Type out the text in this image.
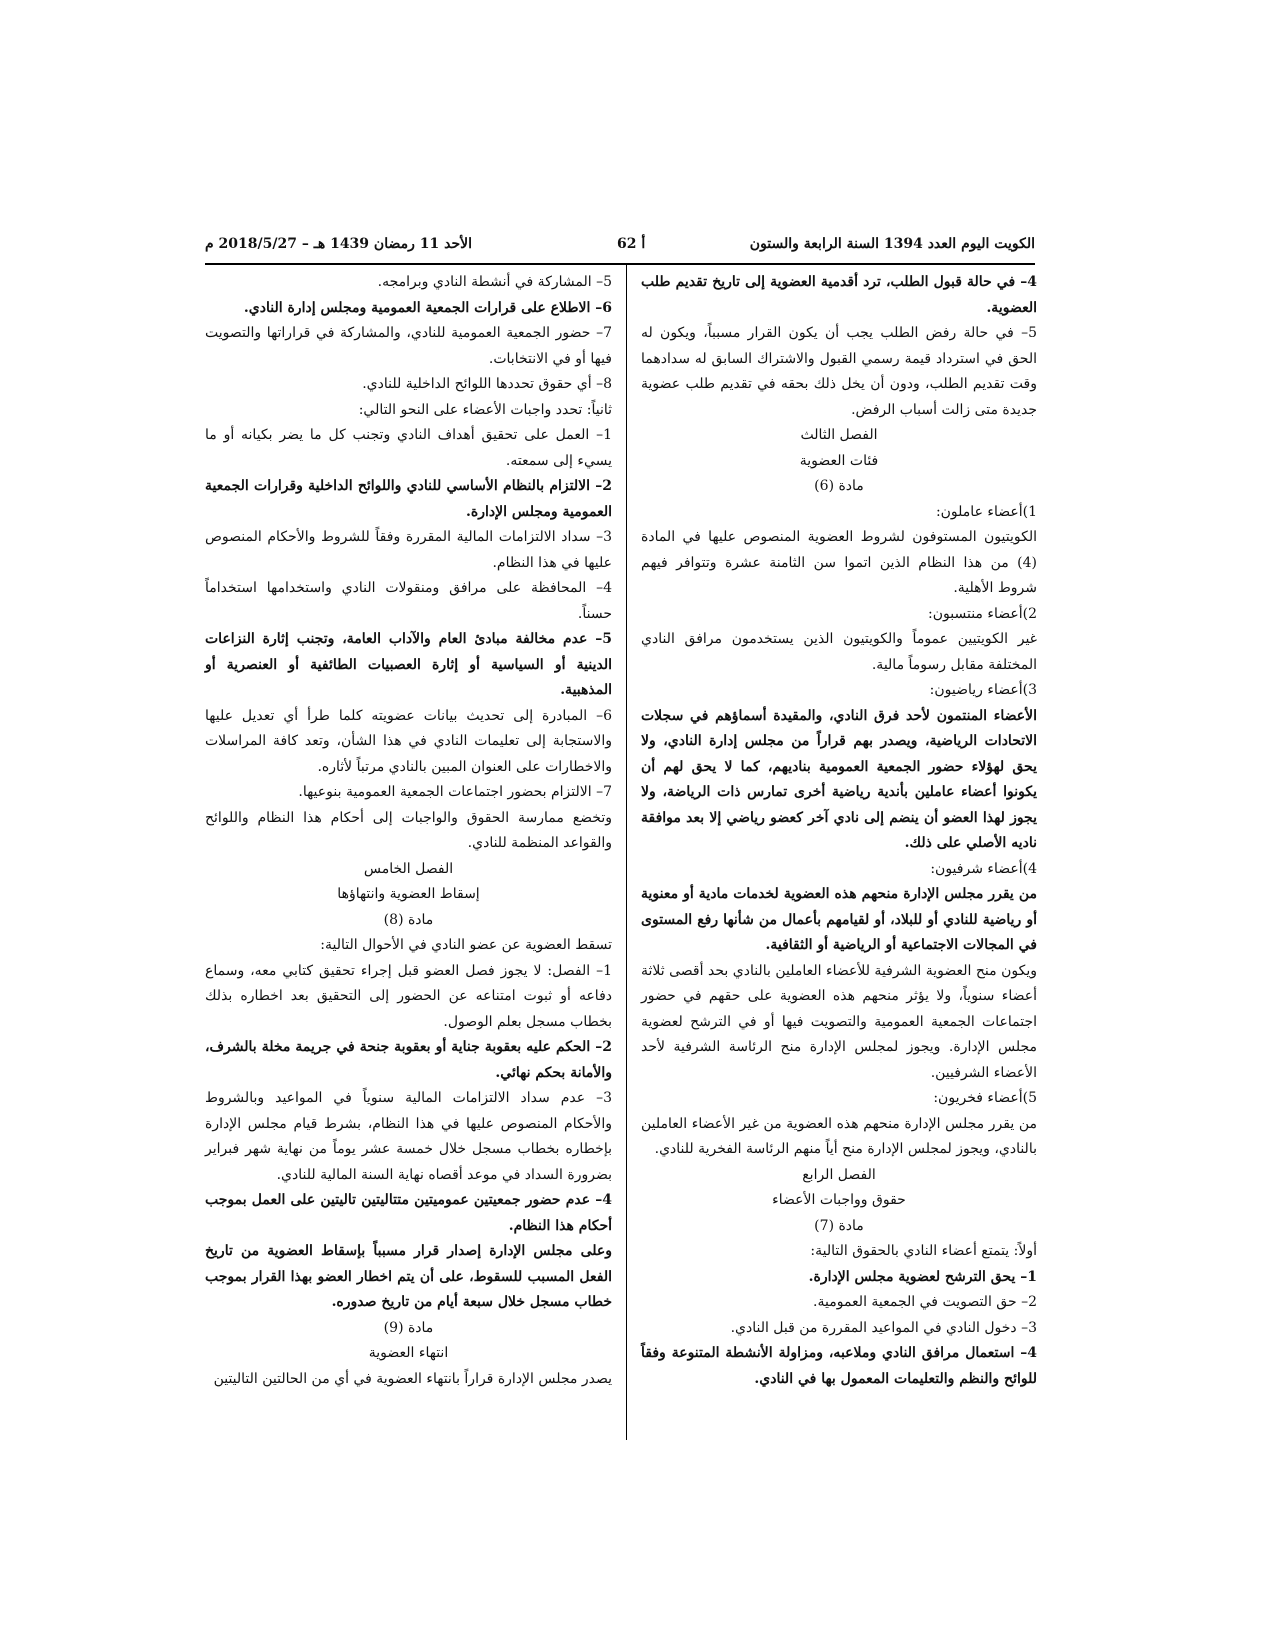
الكويت اليوم العدد 1394 السنة الرابعة والستون
أ 62
الأحد 11 رمضان 1439 هـ – 2018/5/27 م

4– في حالة قبول الطلب، ترد أقدمية العضوية إلى تاريخ تقديم طلب العضوية.

5– في حالة رفض الطلب يجب أن يكون القرار مسبباً، ويكون له الحق في استرداد قيمة رسمي القبول والاشتراك السابق له سدادهما وقت تقديم الطلب، ودون أن يخل ذلك بحقه في تقديم طلب عضوية جديدة متى زالت أسباب الرفض.

الفصل الثالث

فئات العضوية

مادة (6)

1)أعضاء عاملون:

الكويتيون المستوفون لشروط العضوية المنصوص عليها في المادة (4) من هذا النظام الذين اتموا سن الثامنة عشرة وتتوافر فيهم شروط الأهلية.

2)أعضاء منتسبون:

غير الكويتيين عموماً والكويتيون الذين يستخدمون مرافق النادي المختلفة مقابل رسوماً مالية.

3)أعضاء رياضيون:

الأعضاء المنتمون لأحد فرق النادي، والمقيدة أسماؤهم في سجلات الاتحادات الرياضية، ويصدر بهم قراراً من مجلس إدارة النادي، ولا يحق لهؤلاء حضور الجمعية العمومية بناديهم، كما لا يحق لهم أن يكونوا أعضاء عاملين بأندية رياضية أخرى تمارس ذات الرياضة، ولا يجوز لهذا العضو أن ينضم إلى نادي آخر كعضو رياضي إلا بعد موافقة ناديه الأصلي على ذلك.

4)أعضاء شرفيون:

من يقرر مجلس الإدارة منحهم هذه العضوية لخدمات مادية أو معنوية أو رياضية للنادي أو للبلاد، أو لقيامهم بأعمال من شأنها رفع المستوى في المجالات الاجتماعية أو الرياضية أو الثقافية.

ويكون منح العضوية الشرفية للأعضاء العاملين بالنادي بحد أقصى ثلاثة أعضاء سنوياً، ولا يؤثر منحهم هذه العضوية على حقهم في حضور اجتماعات الجمعية العمومية والتصويت فيها أو في الترشح لعضوية مجلس الإدارة. ويجوز لمجلس الإدارة منح الرئاسة الشرفية لأحد الأعضاء الشرفيين.

5)أعضاء فخريون:

من يقرر مجلس الإدارة منحهم هذه العضوية من غير الأعضاء العاملين بالنادي، ويجوز لمجلس الإدارة منح أياً منهم الرئاسة الفخرية للنادي.

الفصل الرابع

حقوق وواجبات الأعضاء

مادة (7)

أولاً: يتمتع أعضاء النادي بالحقوق التالية:

1– يحق الترشح لعضوية مجلس الإدارة.

2– حق التصويت في الجمعية العمومية.

3– دخول النادي في المواعيد المقررة من قبل النادي.

4– استعمال مرافق النادي وملاعبه، ومزاولة الأنشطة المتنوعة وفقاً للوائح والنظم والتعليمات المعمول بها في النادي.

5– المشاركة في أنشطة النادي وبرامجه.

6– الاطلاع على قرارات الجمعية العمومية ومجلس إدارة النادي.

7– حضور الجمعية العمومية للنادي، والمشاركة في قراراتها والتصويت فيها أو في الانتخابات.

8– أي حقوق تحددها اللوائح الداخلية للنادي.

ثانياً: تحدد واجبات الأعضاء على النحو التالي:

1– العمل على تحقيق أهداف النادي وتجنب كل ما يضر بكيانه أو ما يسيء إلى سمعته.

2– الالتزام بالنظام الأساسي للنادي واللوائح الداخلية وقرارات الجمعية العمومية ومجلس الإدارة.

3– سداد الالتزامات المالية المقررة وفقاً للشروط والأحكام المنصوص عليها في هذا النظام.

4– المحافظة على مرافق ومنقولات النادي واستخدامها استخداماً حسناً.

5– عدم مخالفة مبادئ العام والآداب العامة، وتجنب إثارة النزاعات الدينية أو السياسية أو إثارة العصبيات الطائفية أو العنصرية أو المذهبية.

6– المبادرة إلى تحديث بيانات عضويته كلما طرأ أي تعديل عليها والاستجابة إلى تعليمات النادي في هذا الشأن، وتعد كافة المراسلات والاخطارات على العنوان المبين بالنادي مرتباً لأثاره.

7– الالتزام بحضور اجتماعات الجمعية العمومية بنوعيها.

وتخضع ممارسة الحقوق والواجبات إلى أحكام هذا النظام واللوائح والقواعد المنظمة للنادي.

الفصل الخامس

إسقاط العضوية وانتهاؤها

مادة (8)

تسقط العضوية عن عضو النادي في الأحوال التالية:

1– الفصل: لا يجوز فصل العضو قبل إجراء تحقيق كتابي معه، وسماع دفاعه أو ثبوت امتناعه عن الحضور إلى التحقيق بعد اخطاره بذلك بخطاب مسجل بعلم الوصول.

2– الحكم عليه بعقوبة جناية أو بعقوبة جنحة في جريمة مخلة بالشرف، والأمانة بحكم نهائي.

3– عدم سداد الالتزامات المالية سنوياً في المواعيد وبالشروط والأحكام المنصوص عليها في هذا النظام، بشرط قيام مجلس الإدارة بإخطاره بخطاب مسجل خلال خمسة عشر يوماً من نهاية شهر فبراير بضرورة السداد في موعد أقصاه نهاية السنة المالية للنادي.

4– عدم حضور جمعيتين عموميتين متتاليتين تاليتين على العمل بموجب أحكام هذا النظام.

وعلى مجلس الإدارة إصدار قرار مسبباً بإسقاط العضوية من تاريخ الفعل المسبب للسقوط، على أن يتم اخطار العضو بهذا القرار بموجب خطاب مسجل خلال سبعة أيام من تاريخ صدوره.

مادة (9)

انتهاء العضوية

يصدر مجلس الإدارة قراراً بانتهاء العضوية في أي من الحالتين التاليتين
